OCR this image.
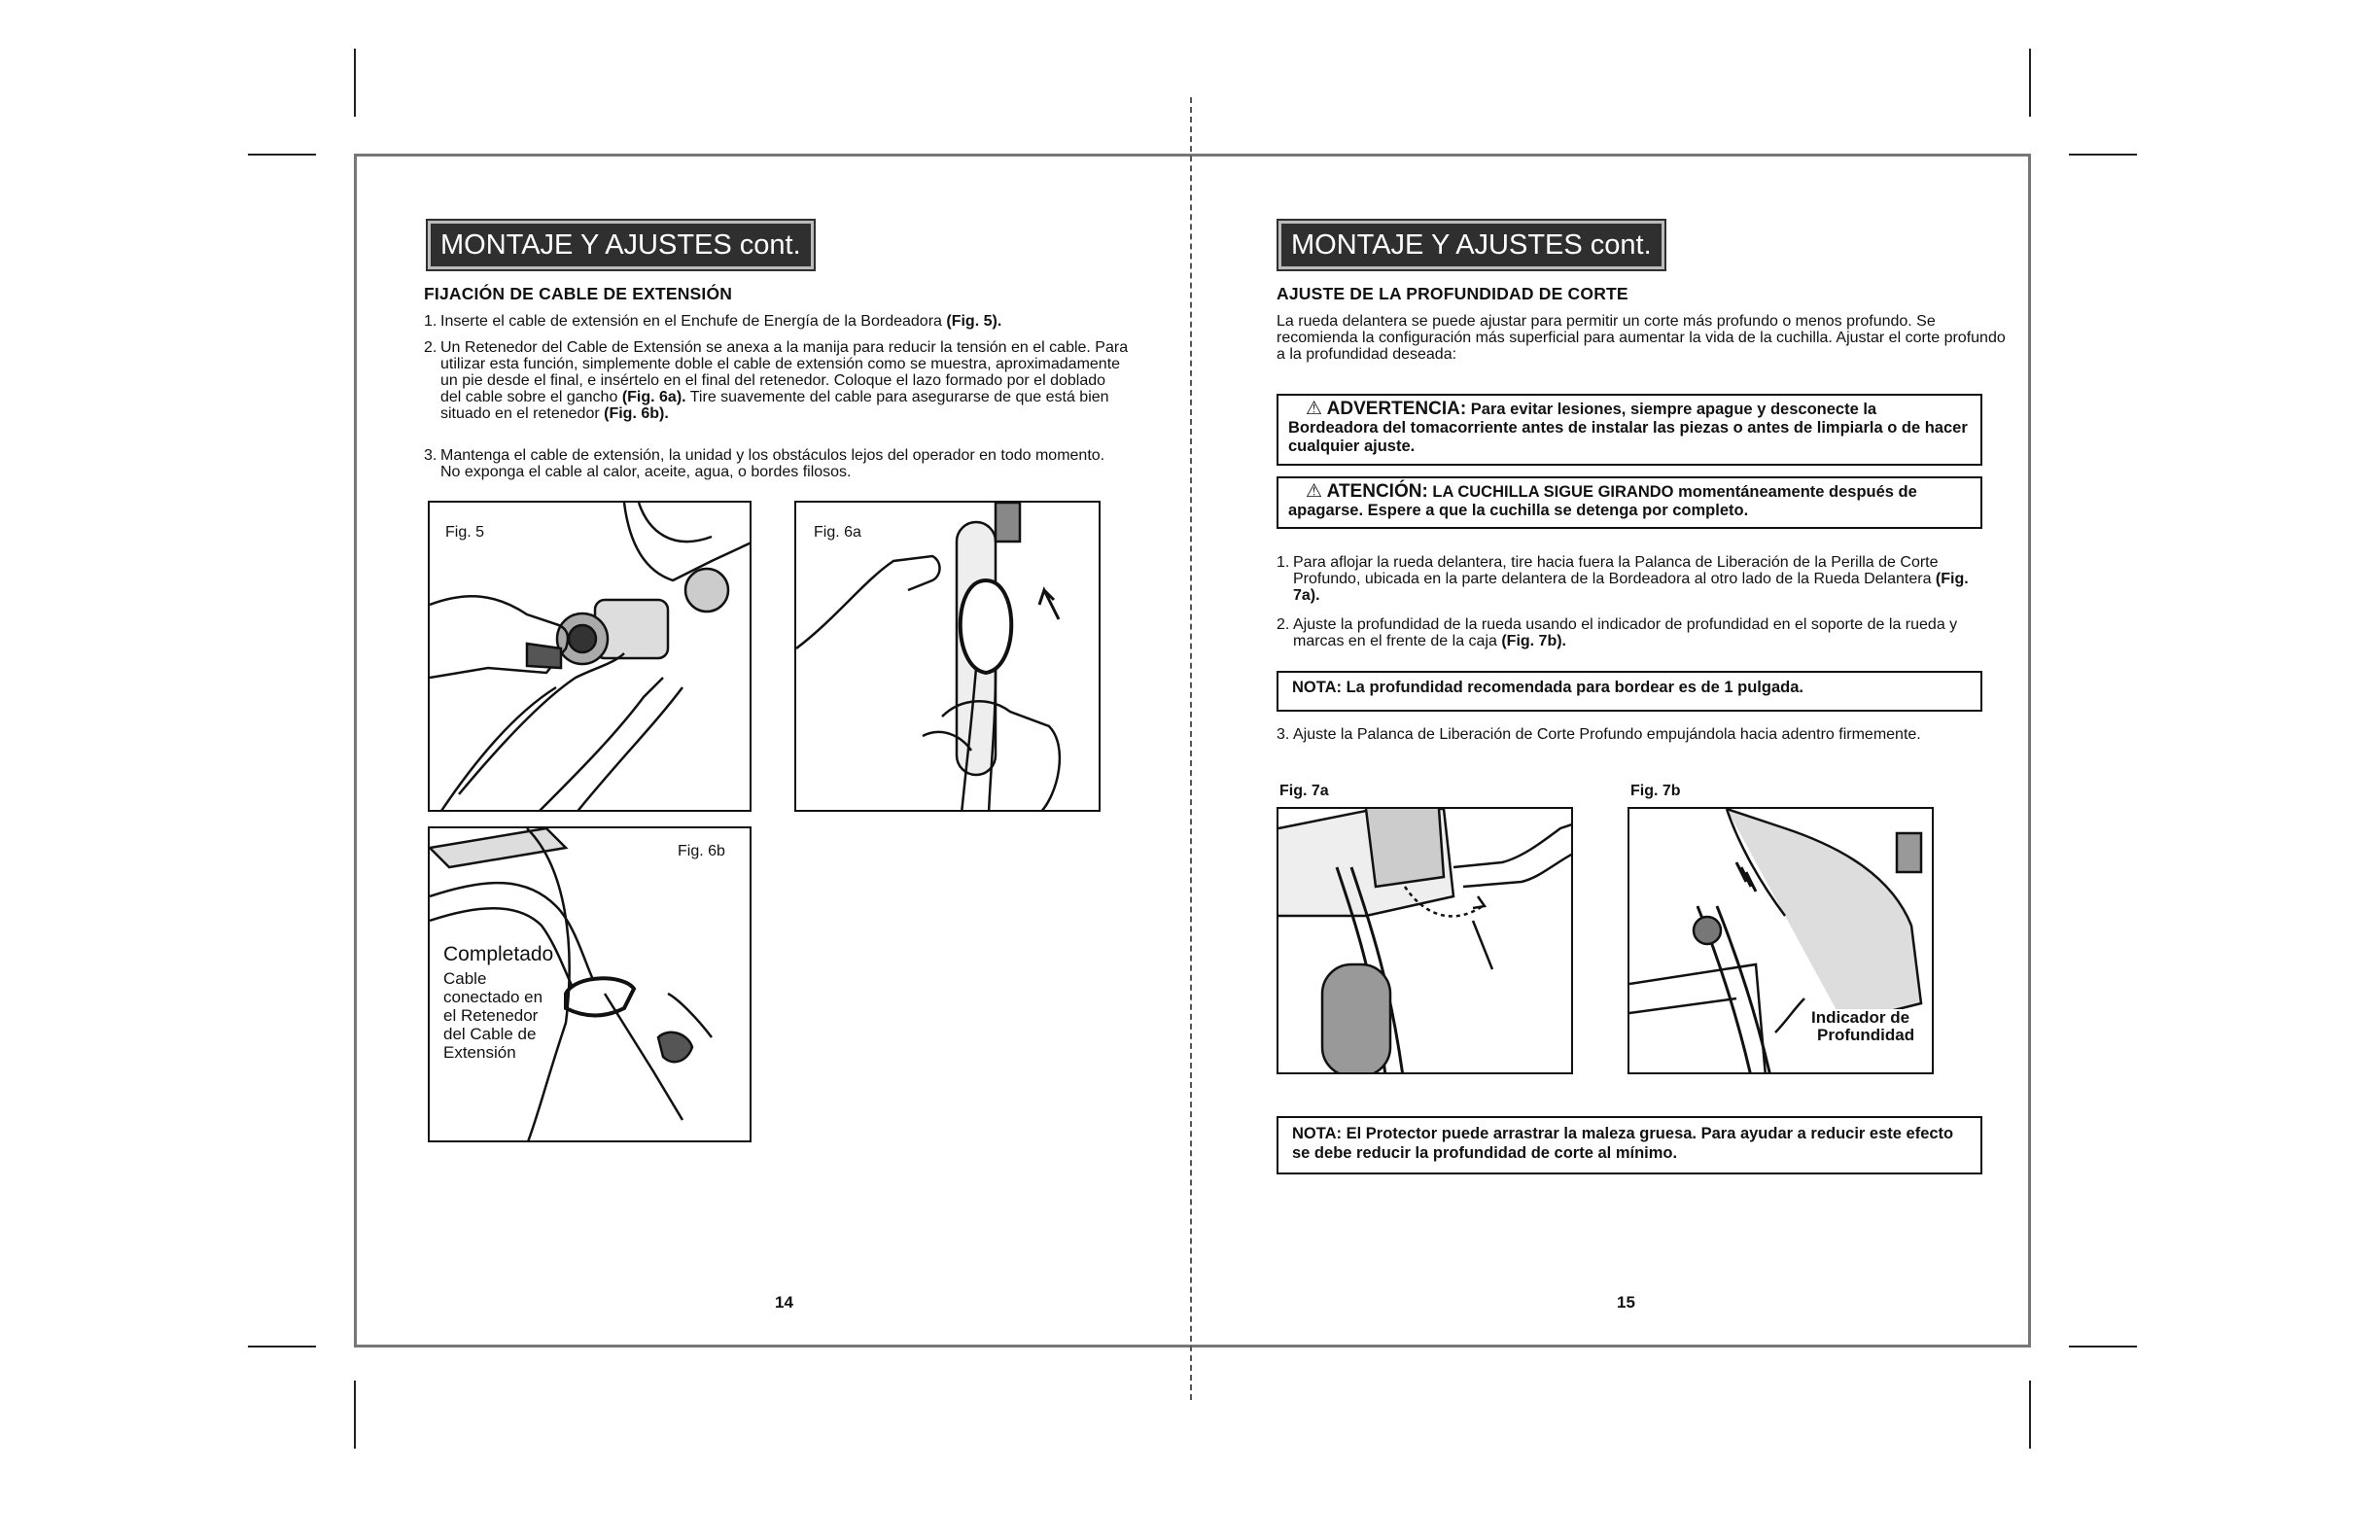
MONTAJE Y AJUSTES cont.
FIJACIÓN DE CABLE DE EXTENSIÓN
1. Inserte el cable de extensión en el Enchufe de Energía de la Bordeadora (Fig. 5).
2. Un Retenedor del Cable de Extensión se anexa a la manija para reducir la tensión en el cable. Para utilizar esta función, simplemente doble el cable de extensión como se muestra, aproximadamente un pie desde el final, e insértelo en el final del retenedor. Coloque el lazo formado por el doblado del cable sobre el gancho (Fig. 6a). Tire suavemente del cable para asegurarse de que está bien situado en el retenedor (Fig. 6b).
3. Mantenga el cable de extensión, la unidad y los obstáculos lejos del operador en todo momento. No exponga el cable al calor, aceite, agua, o bordes filosos.
Fig. 5	Fig. 6a
Fig. 6b
Completado
Cable
conectado en
el Retenedor
del Cable de
Extensión
14
MONTAJE Y AJUSTES cont.
AJUSTE DE LA PROFUNDIDAD DE CORTE
La rueda delantera se puede ajustar para permitir un corte más profundo o menos profundo. Se recomienda la configuración más superficial para aumentar la vida de la cuchilla. Ajustar el corte profundo a la profundidad deseada:
⚠ ADVERTENCIA: Para evitar lesiones, siempre apague y desconecte la Bordeadora del tomacorriente antes de instalar las piezas o antes de limpiarla o de hacer cualquier ajuste.
⚠ ATENCIÓN: LA CUCHILLA SIGUE GIRANDO momentáneamente después de apagarse. Espere a que la cuchilla se detenga por completo.
1. Para aflojar la rueda delantera, tire hacia fuera la Palanca de Liberación de la Perilla de Corte Profundo, ubicada en la parte delantera de la Bordeadora al otro lado de la Rueda Delantera (Fig. 7a).
2. Ajuste la profundidad de la rueda usando el indicador de profundidad en el soporte de la rueda y marcas en el frente de la caja (Fig. 7b).
NOTA: La profundidad recomendada para bordear es de 1 pulgada.
3. Ajuste la Palanca de Liberación de Corte Profundo empujándola hacia adentro firmemente.
Fig. 7a	Fig. 7b
Indicador de
Profundidad
NOTA: El Protector puede arrastrar la maleza gruesa. Para ayudar a reducir este efecto se debe reducir la profundidad de corte al mínimo.
15
